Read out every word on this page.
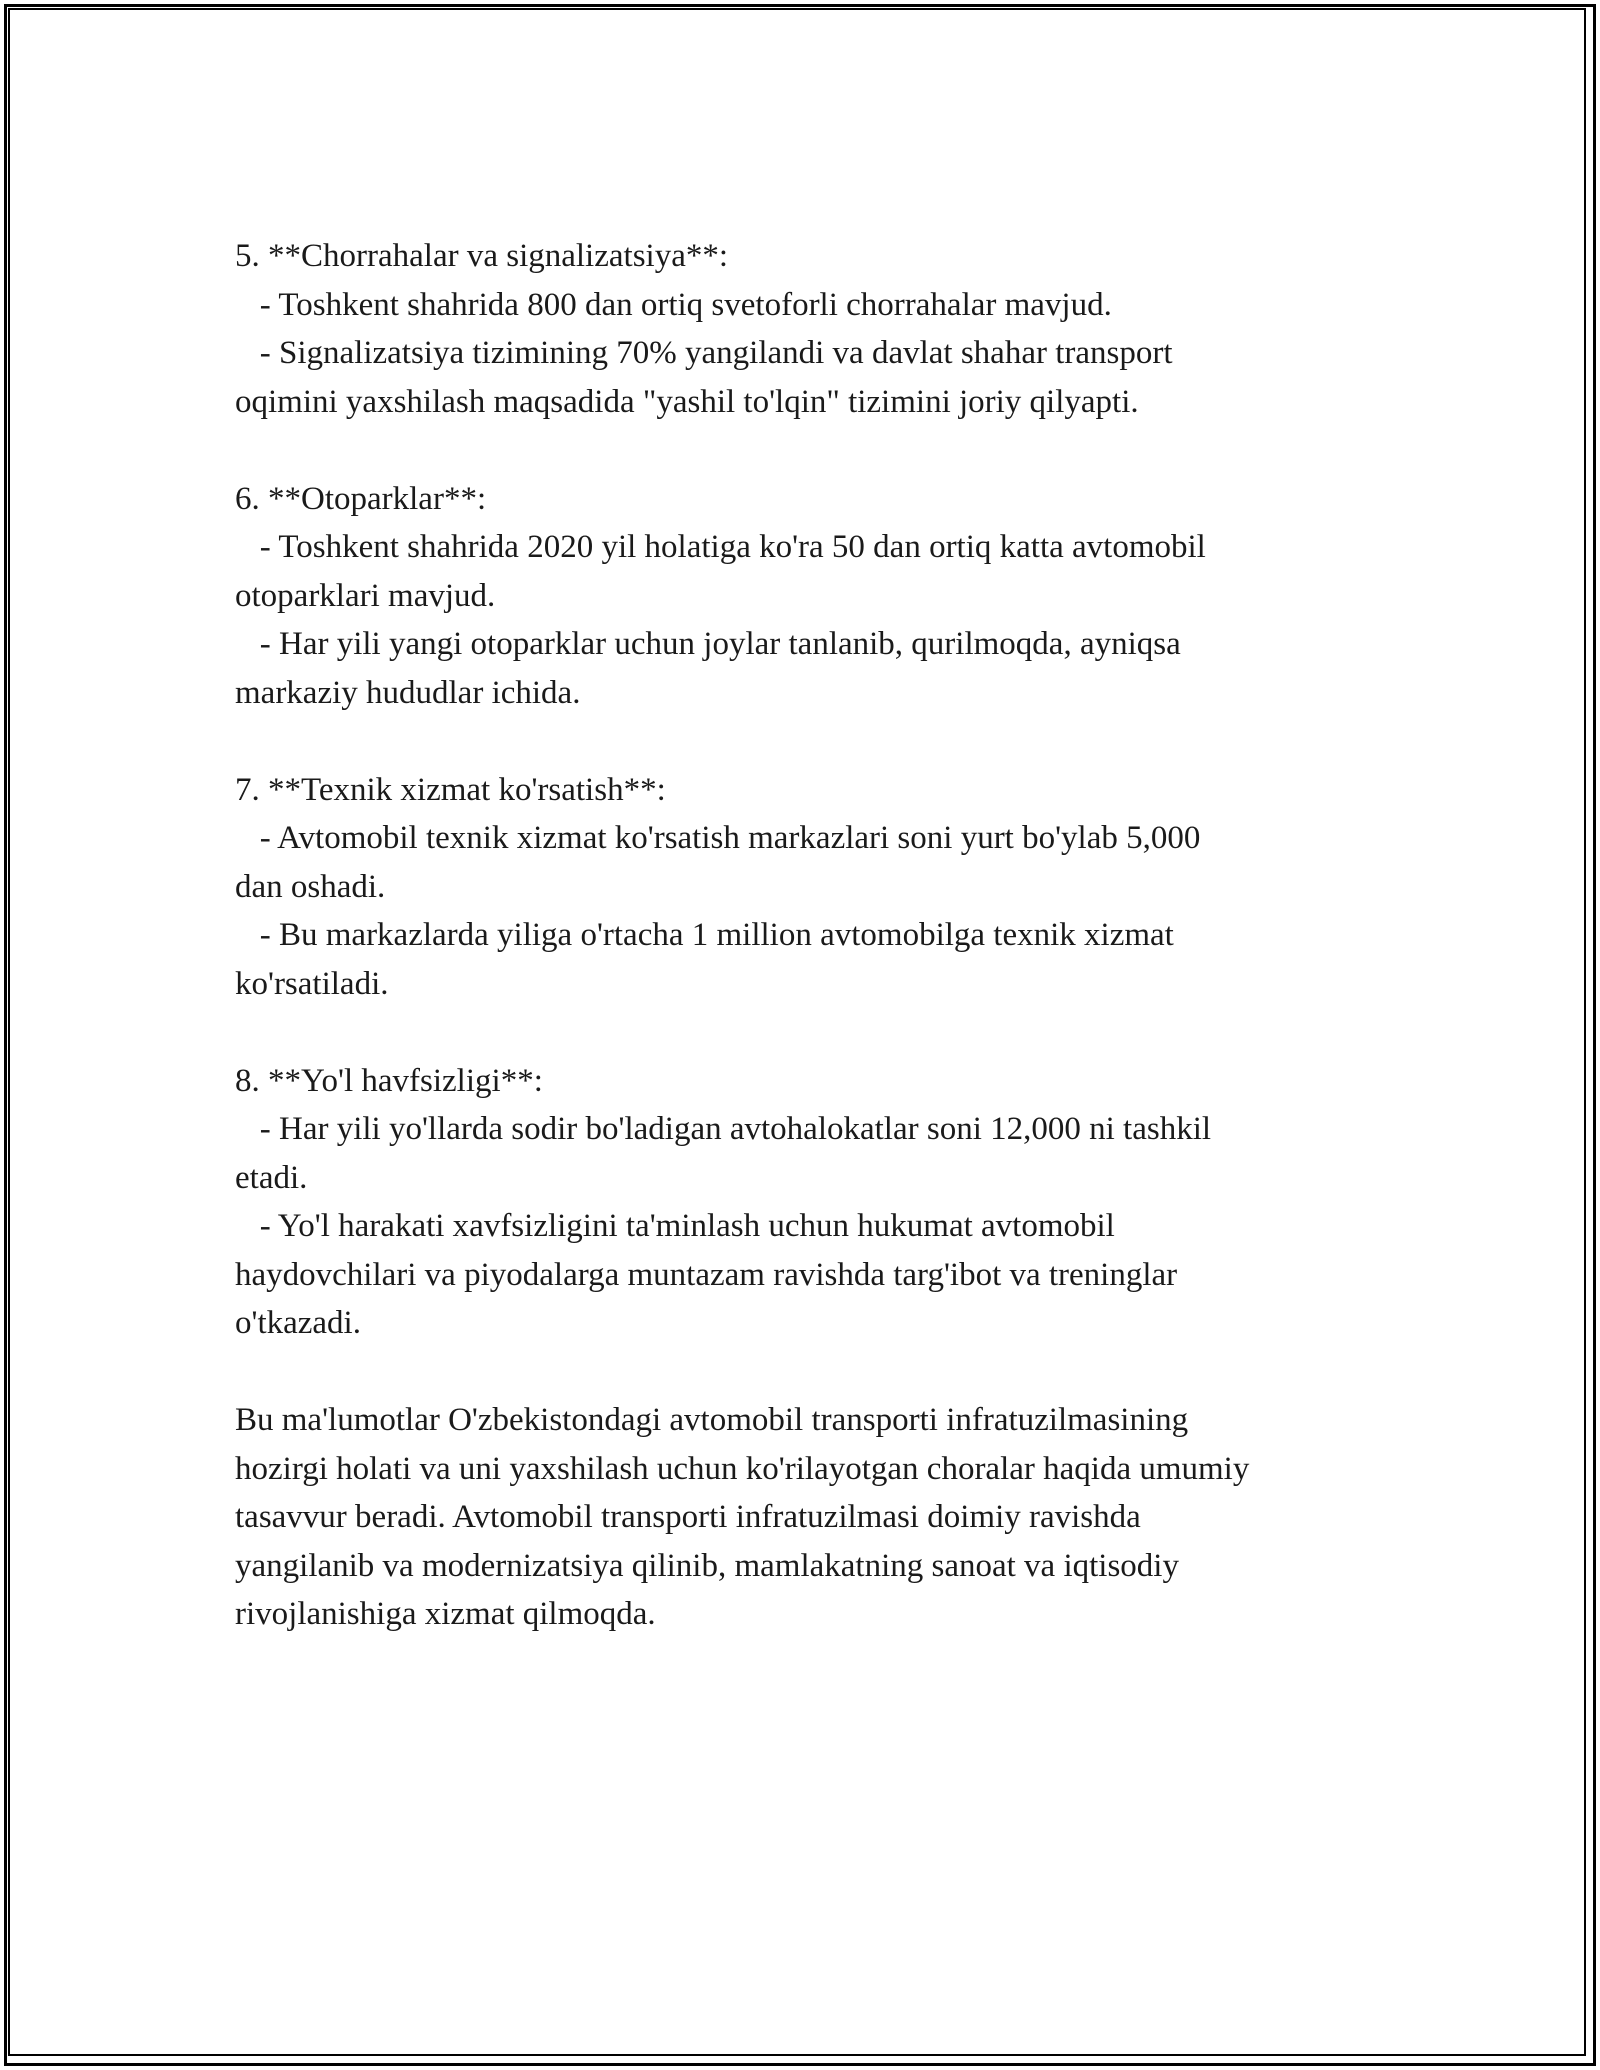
5. **Chorrahalar va signalizatsiya**:
- Toshkent shahrida 800 dan ortiq svetoforli chorrahalar mavjud.
- Signalizatsiya tizimining 70% yangilandi va davlat shahar transport
oqimini yaxshilash maqsadida "yashil to'lqin" tizimini joriy qilyapti.
6. **Otoparklar**:
- Toshkent shahrida 2020 yil holatiga ko'ra 50 dan ortiq katta avtomobil
otoparklari mavjud.
- Har yili yangi otoparklar uchun joylar tanlanib, qurilmoqda, ayniqsa
markaziy hududlar ichida.
7. **Texnik xizmat ko'rsatish**:
- Avtomobil texnik xizmat ko'rsatish markazlari soni yurt bo'ylab 5,000
dan oshadi.
- Bu markazlarda yiliga o'rtacha 1 million avtomobilga texnik xizmat
ko'rsatiladi.
8. **Yo'l havfsizligi**:
- Har yili yo'llarda sodir bo'ladigan avtohalokatlar soni 12,000 ni tashkil
etadi.
- Yo'l harakati xavfsizligini ta'minlash uchun hukumat avtomobil
haydovchilari va piyodalarga muntazam ravishda targ'ibot va treninglar
o'tkazadi.
Bu ma'lumotlar O'zbekistondagi avtomobil transporti infratuzilmasining
hozirgi holati va uni yaxshilash uchun ko'rilayotgan choralar haqida umumiy
tasavvur beradi. Avtomobil transporti infratuzilmasi doimiy ravishda
yangilanib va modernizatsiya qilinib, mamlakatning sanoat va iqtisodiy
rivojlanishiga xizmat qilmoqda.
